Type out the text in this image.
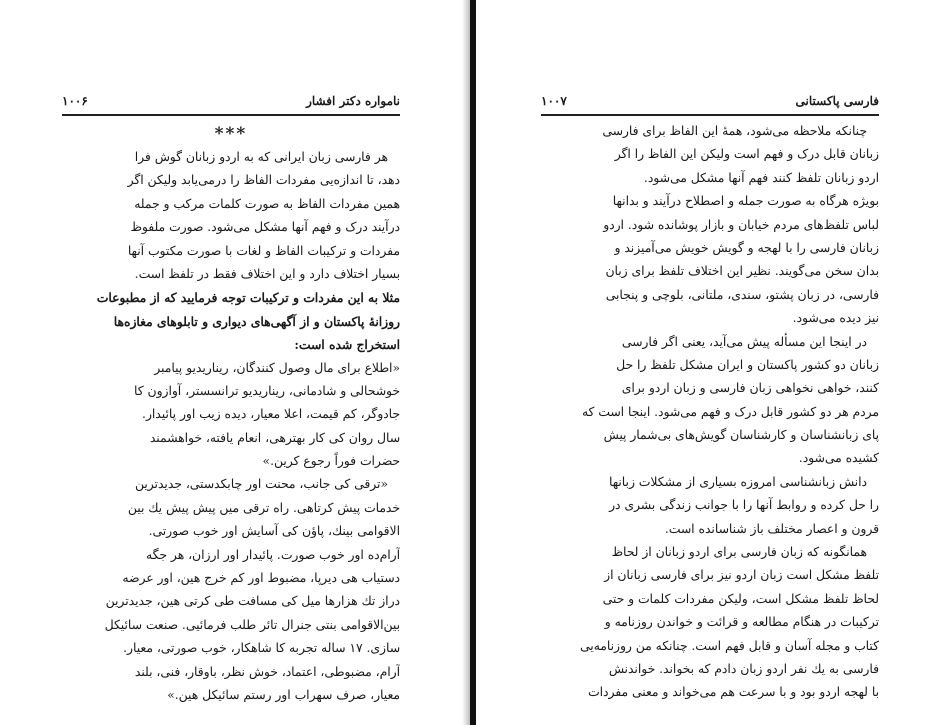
نامواره دکتر افشار
۱۰۰۶
***
هر فارسی زبان ایرانی که به اردو زبانان گوش فرا
دهد، تا اندازه‌یی مفردات الفاظ را درمی‌یابد ولیکن اگر
همین مفردات الفاظ به صورت کلمات مرکب و جمله
درآیند درک و فهم آنها مشکل می‌شود. صورت ملفوظ
مفردات و ترکیبات الفاظ و لغات با صورت مکتوب آنها
بسیار اختلاف دارد و این اختلاف فقط در تلفظ است.
مثلا به این مفردات و ترکیبات توجه فرمایید که از مطبوعات
روزانهٔ پاکستان و از آگهی‌های دیواری و تابلوهای مغازه‌ها
استخراج شده است:
«اطلاع برای مال وصول کنندگان، ریناریدیو پیامبر
خوشحالی و شادمانی، ریناریدیو ترانسستر، آوازون کا
جادوگر، کم قیمت، اعلا معیار، دیده زیب اور پائیدار.
سال روان کی کار بهترهی، انعام یافته، خواهشمند
حضرات فوراً رجوع کرین.»
«ترقی کی جانب، محنت اور چابکدستی، جدیدترین
خدمات پیش کرتاهی. راه ترقی میں پیش پیش یك بین‌
الاقوامی بینك، پاؤن کی آسایش اور خوب صورتی.
آرام‌ده اور خوب صورت. پائیدار اور ارزان، هر جگه
دستیاب هی دیرپا، مضبوط اور کم خرج هین، اور عرضه
دراز تك هزارها میل کی مسافت طی کرتی هین، جدیدترین
بین‌الاقوامی بنتی جنرال تائر طلب فرمائیی. صنعت سائیکل
سازی. ۱۷ ساله تجربه کا شاهکار، خوب صورتی، معیار.
آرام، مضبوطی، اعتماد، خوش نظر، باوقار، فنی، بلند
معیار، صرف سهراب اور رستم سائیکل هین.»
فارسی پاکستانی
۱۰۰۷
چنانکه ملاحظه می‌شود، همهٔ این الفاظ برای فارسی
زبانان قابل درک و فهم است ولیکن این الفاظ را اگر
اردو زبانان تلفظ کنند فهم آنها مشکل می‌شود.
بویژه هرگاه به صورت جمله و اصطلاح درآیند و بدانها
لباس تلفظ‌های مردم خیابان و بازار پوشانده شود. اردو
زبانان فارسی را با لهجه و گویش خویش می‌آمیزند و
بدان سخن می‌گویند. نظیر این اختلاف تلفظ برای زبان
فارسی، در زبان پشتو، سندی، ملتانی، بلوچی و پنجابی
نیز دیده می‌شود.
در اینجا این مسأله پیش می‌آید، یعنی اگر فارسی
زبانان دو کشور پاکستان و ایران مشکل تلفظ را حل
کنند، خواهی نخواهی زبان فارسی و زبان اردو برای
مردم هر دو کشور قابل درک و فهم می‌شود. اینجا است که
پای زبانشناسان و کارشناسان گویش‌های بی‌شمار پیش
کشیده می‌شود.
دانش زبانشناسی امروزه بسیاری از مشکلات زبانها
را حل کرده و روابط آنها را با جوانب زندگی بشری در
قرون و اعصار مختلف باز شناسانده است.
همانگونه که زبان فارسی برای اردو زبانان از لحاظ
تلفظ مشکل است زبان اردو نیز برای فارسی زبانان از
لحاظ تلفظ مشکل است، ولیکن مفردات کلمات و حتی
ترکیبات در هنگام مطالعه و قرائت و خواندن روزنامه و
کتاب و مجله آسان و قابل فهم است. چنانکه من روزنامه‌یی
فارسی به یك نفر اردو زبان دادم که بخواند. خواندنش
با لهجه اردو بود و با سرعت هم می‌خواند و معنی مفردات
